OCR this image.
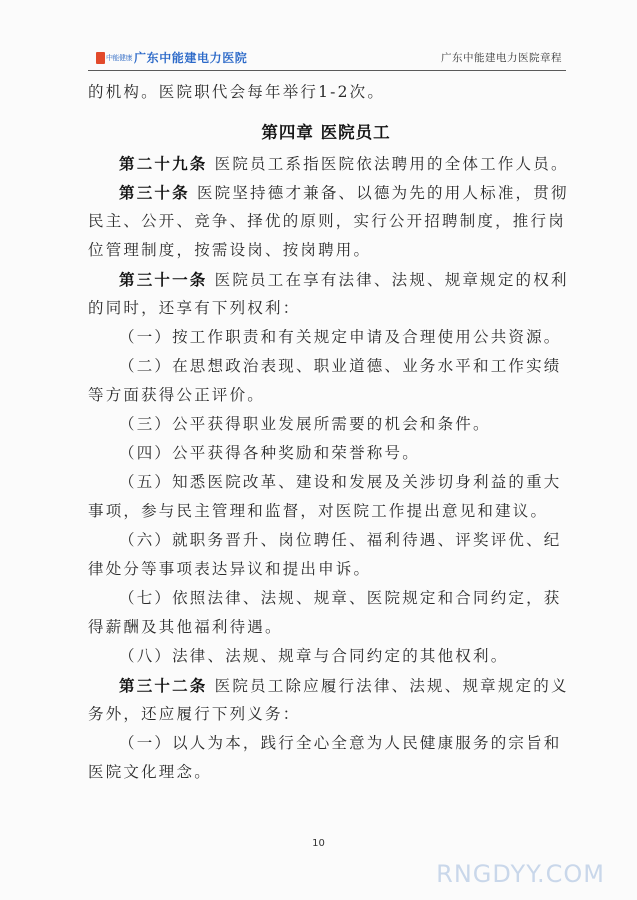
中能健康 广东中能建电力医院	广东中能建电力医院章程
的机构。医院职代会每年举行1-2次。
第四章 医院员工
第二十九条 医院员工系指医院依法聘用的全体工作人员。
第三十条 医院坚持德才兼备、以德为先的用人标准，贯彻
民主、公开、竞争、择优的原则，实行公开招聘制度，推行岗
位管理制度，按需设岗、按岗聘用。
第三十一条 医院员工在享有法律、法规、规章规定的权利
的同时，还享有下列权利：
（一）按工作职责和有关规定申请及合理使用公共资源。
（二）在思想政治表现、职业道德、业务水平和工作实绩
等方面获得公正评价。
（三）公平获得职业发展所需要的机会和条件。
（四）公平获得各种奖励和荣誉称号。
（五）知悉医院改革、建设和发展及关涉切身利益的重大
事项，参与民主管理和监督，对医院工作提出意见和建议。
（六）就职务晋升、岗位聘任、福利待遇、评奖评优、纪
律处分等事项表达异议和提出申诉。
（七）依照法律、法规、规章、医院规定和合同约定，获
得薪酬及其他福利待遇。
（八）法律、法规、规章与合同约定的其他权利。
第三十二条 医院员工除应履行法律、法规、规章规定的义
务外，还应履行下列义务：
（一）以人为本，践行全心全意为人民健康服务的宗旨和
医院文化理念。
10
RNGDYY.COM
